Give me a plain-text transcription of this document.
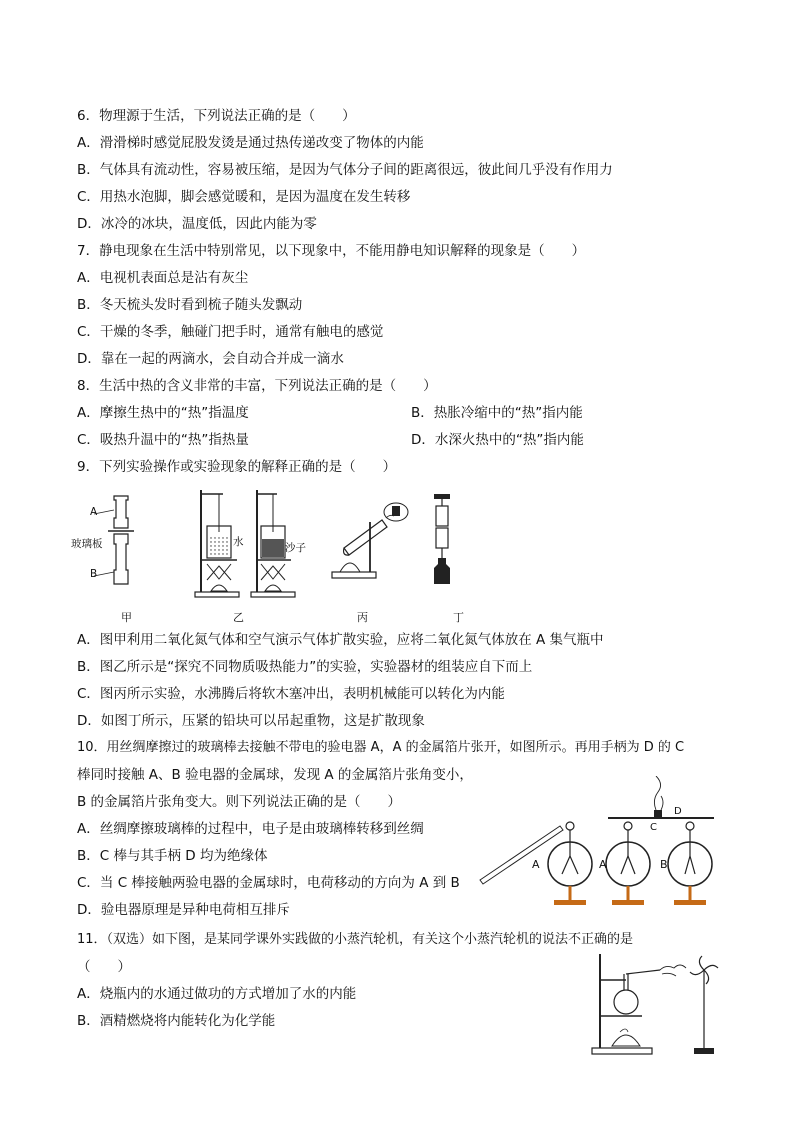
6．物理源于生活，下列说法正确的是（　　）
A．滑滑梯时感觉屁股发烫是通过热传递改变了物体的内能
B．气体具有流动性，容易被压缩，是因为气体分子间的距离很远，彼此间几乎没有作用力
C．用热水泡脚，脚会感觉暖和，是因为温度在发生转移
D．冰冷的冰块，温度低，因此内能为零
7．静电现象在生活中特别常见，以下现象中，不能用静电知识解释的现象是（　　）
A．电视机表面总是沾有灰尘
B．冬天梳头发时看到梳子随头发飘动
C．干燥的冬季，触碰门把手时，通常有触电的感觉
D．靠在一起的两滴水，会自动合并成一滴水
8．生活中热的含义非常的丰富，下列说法正确的是（　　）
A．摩擦生热中的“热”指温度	B．热胀冷缩中的“热”指内能
C．吸热升温中的“热”指热量	D．水深火热中的“热”指内能
9．下列实验操作或实验现象的解释正确的是（　　）
A
玻璃板
B
水	沙子
甲	乙	丙	丁
A．图甲利用二氧化氮气体和空气演示气体扩散实验，应将二氧化氮气体放在 A 集气瓶中
B．图乙所示是“探究不同物质吸热能力”的实验，实验器材的组装应自下而上
C．图丙所示实验，水沸腾后将软木塞冲出，表明机械能可以转化为内能
D．如图丁所示，压紧的铅块可以吊起重物，这是扩散现象
10．用丝绸摩擦过的玻璃棒去接触不带电的验电器 A，A 的金属箔片张开，如图所示。再用手柄为 D 的 C
棒同时接触 A、B 验电器的金属球，发现 A 的金属箔片张角变小，
B 的金属箔片张角变大。则下列说法正确的是（　　）
A．丝绸摩擦玻璃棒的过程中，电子是由玻璃棒转移到丝绸
B．C 棒与其手柄 D 均为绝缘体
C．当 C 棒接触两验电器的金属球时，电荷移动的方向为 A 到 B
D．验电器原理是异种电荷相互排斥
A	A	B
C
D
11．（双选）如下图，是某同学课外实践做的小蒸汽轮机，有关这个小蒸汽轮机的说法不正确的是
（　　）
A．烧瓶内的水通过做功的方式增加了水的内能
B．酒精燃烧将内能转化为化学能
